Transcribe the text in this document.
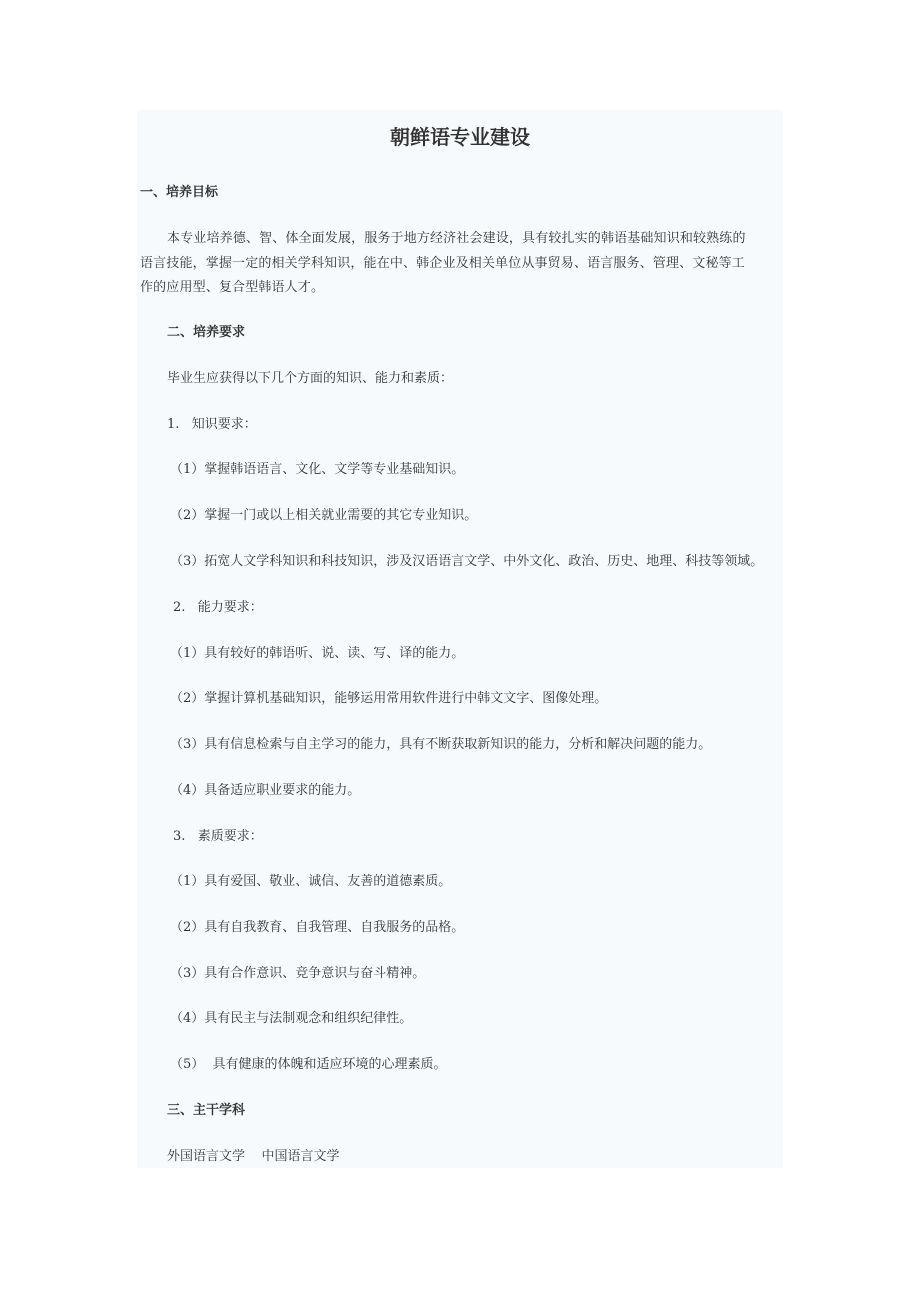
朝鲜语专业建设

一、培养目标

本专业培养德、智、体全面发展，服务于地方经济社会建设，具有较扎实的韩语基础知识和较熟练的

语言技能，掌握一定的相关学科知识，能在中、韩企业及相关单位从事贸易、语言服务、管理、文秘等工

作的应用型、复合型韩语人才。

二、培养要求

毕业生应获得以下几个方面的知识、能力和素质：

1.   知识要求：

（1）掌握韩语语言、文化、文学等专业基础知识。

（2）掌握一门或以上相关就业需要的其它专业知识。

（3）拓宽人文学科知识和科技知识，涉及汉语语言文学、中外文化、政治、历史、地理、科技等领域。

2.   能力要求：

（1）具有较好的韩语听、说、读、写、译的能力。

（2）掌握计算机基础知识，能够运用常用软件进行中韩文文字、图像处理。

（3）具有信息检索与自主学习的能力，具有不断获取新知识的能力，分析和解决问题的能力。

（4）具备适应职业要求的能力。

3.   素质要求：

（1）具有爱国、敬业、诚信、友善的道德素质。

（2）具有自我教育、自我管理、自我服务的品格。

（3）具有合作意识、竞争意识与奋斗精神。

（4）具有民主与法制观念和组织纪律性。

（5）  具有健康的体魄和适应环境的心理素质。

三、主干学科

外国语言文学    中国语言文学
